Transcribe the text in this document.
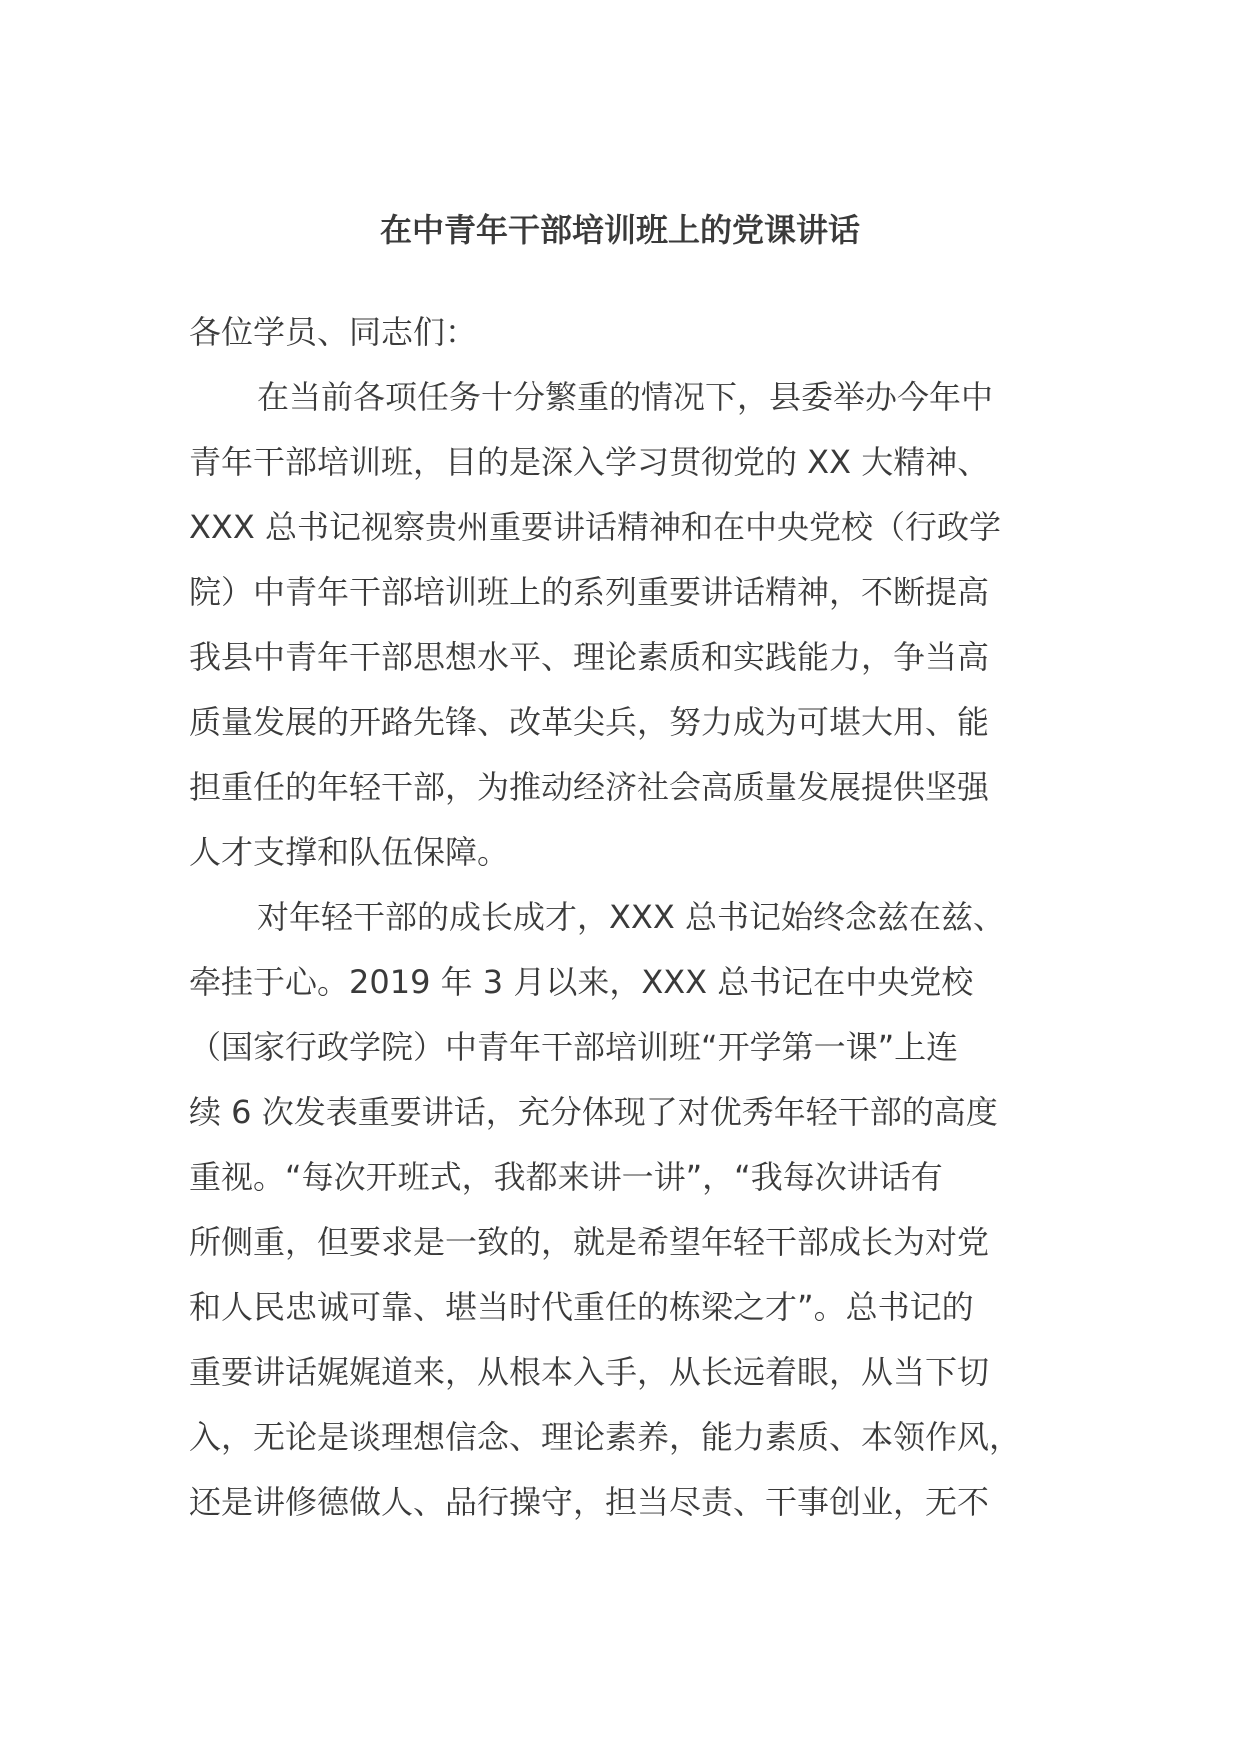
在中青年干部培训班上的党课讲话
各位学员、同志们：
在当前各项任务十分繁重的情况下，县委举办今年中
青年干部培训班，目的是深入学习贯彻党的 XX 大精神、
XXX 总书记视察贵州重要讲话精神和在中央党校（行政学
院）中青年干部培训班上的系列重要讲话精神，不断提高
我县中青年干部思想水平、理论素质和实践能力，争当高
质量发展的开路先锋、改革尖兵，努力成为可堪大用、能
担重任的年轻干部，为推动经济社会高质量发展提供坚强
人才支撑和队伍保障。
对年轻干部的成长成才，XXX 总书记始终念兹在兹、
牵挂于心。2019 年 3 月以来，XXX 总书记在中央党校
（国家行政学院）中青年干部培训班“开学第一课”上连
续 6 次发表重要讲话，充分体现了对优秀年轻干部的高度
重视。“每次开班式，我都来讲一讲”，“我每次讲话有
所侧重，但要求是一致的，就是希望年轻干部成长为对党
和人民忠诚可靠、堪当时代重任的栋梁之才”。总书记的
重要讲话娓娓道来，从根本入手，从长远着眼，从当下切
入，无论是谈理想信念、理论素养，能力素质、本领作风，
还是讲修德做人、品行操守，担当尽责、干事创业，无不
